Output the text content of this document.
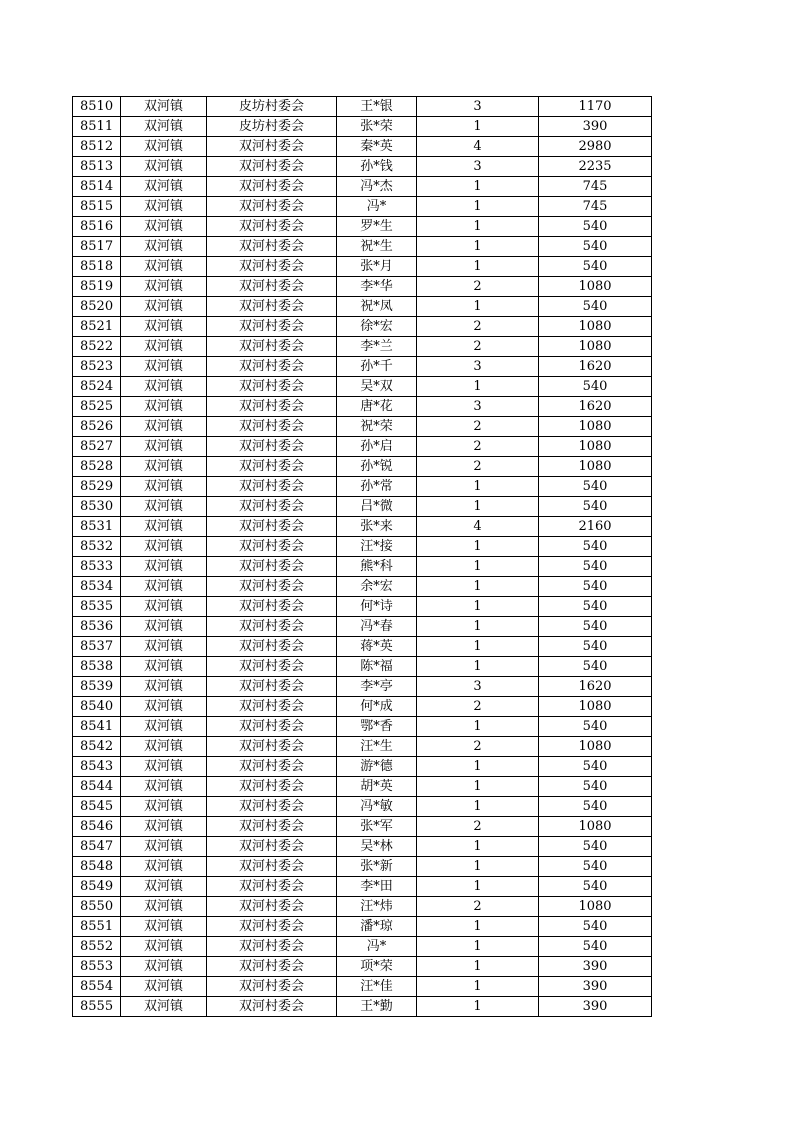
8510	双河镇	皮坊村委会	王*银	3	1170
8511	双河镇	皮坊村委会	张*荣	1	390
8512	双河镇	双河村委会	秦*英	4	2980
8513	双河镇	双河村委会	孙*钱	3	2235
8514	双河镇	双河村委会	冯*杰	1	745
8515	双河镇	双河村委会	冯*	1	745
8516	双河镇	双河村委会	罗*生	1	540
8517	双河镇	双河村委会	祝*生	1	540
8518	双河镇	双河村委会	张*月	1	540
8519	双河镇	双河村委会	李*华	2	1080
8520	双河镇	双河村委会	祝*凤	1	540
8521	双河镇	双河村委会	徐*宏	2	1080
8522	双河镇	双河村委会	李*兰	2	1080
8523	双河镇	双河村委会	孙*千	3	1620
8524	双河镇	双河村委会	吴*双	1	540
8525	双河镇	双河村委会	唐*花	3	1620
8526	双河镇	双河村委会	祝*荣	2	1080
8527	双河镇	双河村委会	孙*启	2	1080
8528	双河镇	双河村委会	孙*锐	2	1080
8529	双河镇	双河村委会	孙*常	1	540
8530	双河镇	双河村委会	吕*微	1	540
8531	双河镇	双河村委会	张*来	4	2160
8532	双河镇	双河村委会	汪*接	1	540
8533	双河镇	双河村委会	熊*科	1	540
8534	双河镇	双河村委会	余*宏	1	540
8535	双河镇	双河村委会	何*诗	1	540
8536	双河镇	双河村委会	冯*春	1	540
8537	双河镇	双河村委会	蒋*英	1	540
8538	双河镇	双河村委会	陈*福	1	540
8539	双河镇	双河村委会	李*亭	3	1620
8540	双河镇	双河村委会	何*成	2	1080
8541	双河镇	双河村委会	鄂*香	1	540
8542	双河镇	双河村委会	汪*生	2	1080
8543	双河镇	双河村委会	游*德	1	540
8544	双河镇	双河村委会	胡*英	1	540
8545	双河镇	双河村委会	冯*敏	1	540
8546	双河镇	双河村委会	张*军	2	1080
8547	双河镇	双河村委会	吴*林	1	540
8548	双河镇	双河村委会	张*新	1	540
8549	双河镇	双河村委会	李*田	1	540
8550	双河镇	双河村委会	汪*炜	2	1080
8551	双河镇	双河村委会	潘*琼	1	540
8552	双河镇	双河村委会	冯*	1	540
8553	双河镇	双河村委会	项*荣	1	390
8554	双河镇	双河村委会	汪*佳	1	390
8555	双河镇	双河村委会	王*勤	1	390
